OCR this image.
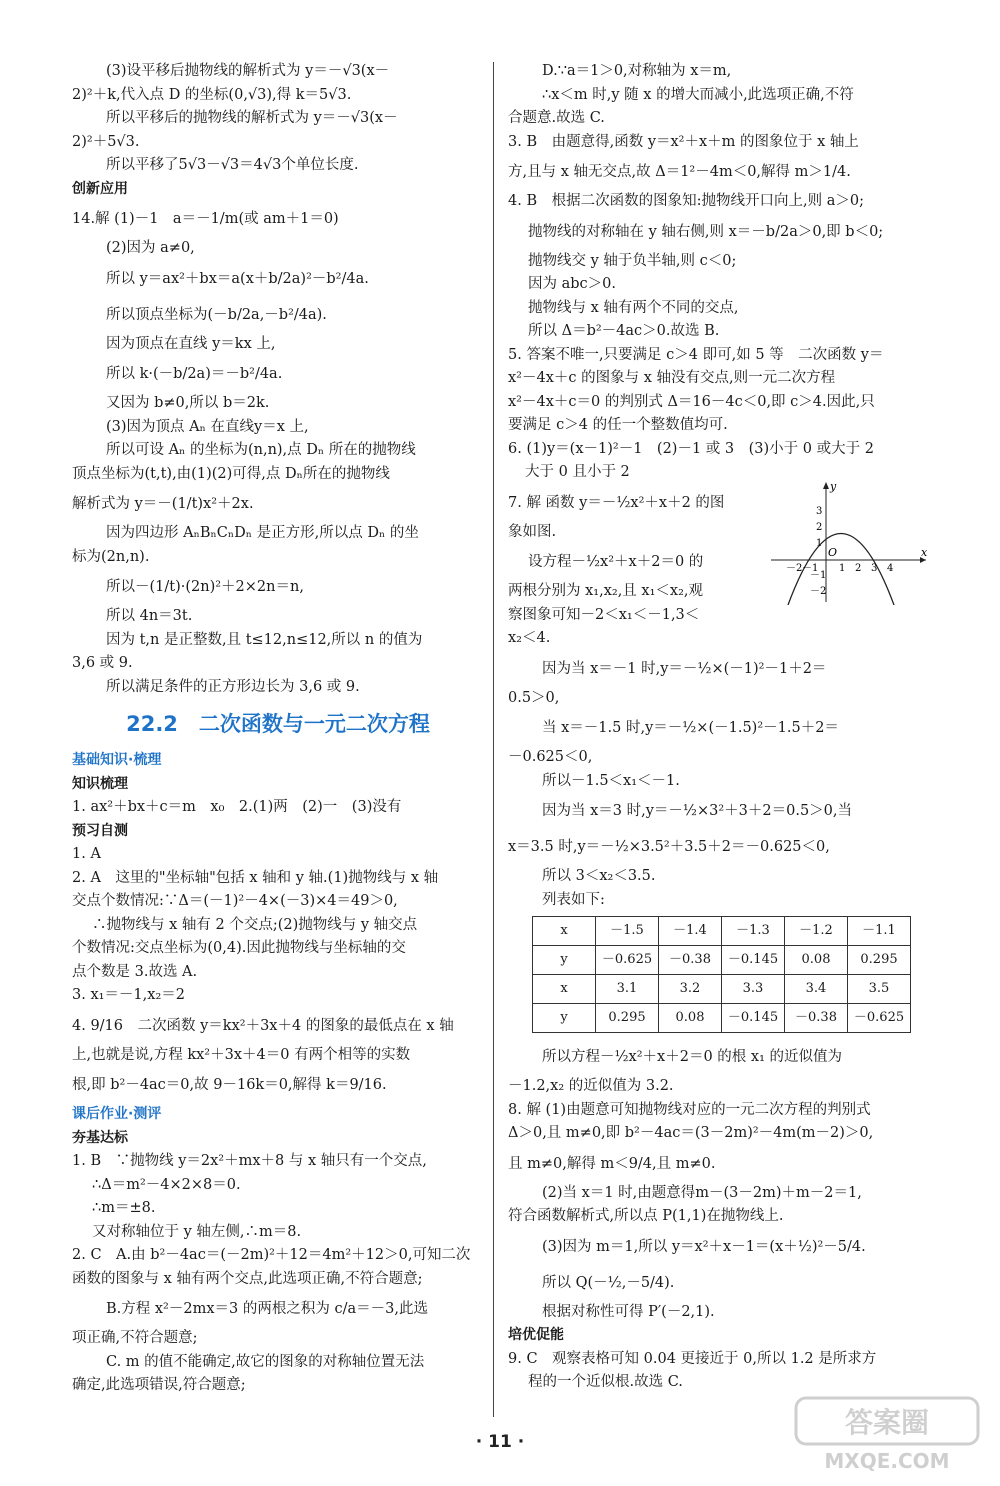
(3)设平移后抛物线的解析式为 y＝－√3(x－
2)²＋k,代入点 D 的坐标(0,√3),得 k＝5√3.
所以平移后的抛物线的解析式为 y＝－√3(x－
2)²＋5√3.
所以平移了5√3－√3＝4√3个单位长度.
创新应用
14.解 (1)－1　a＝－1/m(或 am＋1＝0)
(2)因为 a≠0,
所以 y＝ax²＋bx＝a(x＋b/2a)²－b²/4a.
所以顶点坐标为(－b/2a,－b²/4a).
因为顶点在直线 y＝kx 上,
所以 k·(－b/2a)＝－b²/4a.
又因为 b≠0,所以 b＝2k.
(3)因为顶点 Aₙ 在直线y＝x 上,
所以可设 Aₙ 的坐标为(n,n),点 Dₙ 所在的抛物线
顶点坐标为(t,t),由(1)(2)可得,点 Dₙ所在的抛物线
解析式为 y＝－(1/t)x²＋2x.
因为四边形 AₙBₙCₙDₙ 是正方形,所以点 Dₙ 的坐
标为(2n,n).
所以－(1/t)·(2n)²＋2×2n＝n,
所以 4n＝3t.
因为 t,n 是正整数,且 t≤12,n≤12,所以 n 的值为
3,6 或 9.
所以满足条件的正方形边长为 3,6 或 9.
22.2　二次函数与一元二次方程
基础知识·梳理
知识梳理
1. ax²＋bx＋c＝m　x₀　2.(1)两　(2)一　(3)没有
预习自测
1. A
2. A　这里的"坐标轴"包括 x 轴和 y 轴.(1)抛物线与 x 轴
交点个数情况:∵Δ＝(－1)²－4×(－3)×4＝49＞0,
∴抛物线与 x 轴有 2 个交点;(2)抛物线与 y 轴交点
个数情况:交点坐标为(0,4).因此抛物线与坐标轴的交
点个数是 3.故选 A.
3. x₁＝－1,x₂＝2
4. 9/16　二次函数 y＝kx²＋3x＋4 的图象的最低点在 x 轴
上,也就是说,方程 kx²＋3x＋4＝0 有两个相等的实数
根,即 b²－4ac＝0,故 9－16k＝0,解得 k＝9/16.
课后作业·测评
夯基达标
1. B　∵抛物线 y＝2x²＋mx＋8 与 x 轴只有一个交点,
∴Δ＝m²－4×2×8＝0.
∴m＝±8.
又对称轴位于 y 轴左侧,∴m＝8.
2. C　A.由 b²－4ac＝(－2m)²＋12＝4m²＋12＞0,可知二次
函数的图象与 x 轴有两个交点,此选项正确,不符合题意;
B.方程 x²－2mx＝3 的两根之积为 c/a＝－3,此选
项正确,不符合题意;
C. m 的值不能确定,故它的图象的对称轴位置无法
确定,此选项错误,符合题意;
D.∵a＝1＞0,对称轴为 x＝m,
∴x＜m 时,y 随 x 的增大而减小,此选项正确,不符
合题意.故选 C.
3. B　由题意得,函数 y＝x²＋x＋m 的图象位于 x 轴上
方,且与 x 轴无交点,故 Δ＝1²－4m＜0,解得 m＞1/4.
4. B　根据二次函数的图象知:抛物线开口向上,则 a＞0;
抛物线的对称轴在 y 轴右侧,则 x＝－b/2a＞0,即 b＜0;
抛物线交 y 轴于负半轴,则 c＜0;
因为 abc＞0.
抛物线与 x 轴有两个不同的交点,
所以 Δ＝b²－4ac＞0.故选 B.
5. 答案不唯一,只要满足 c＞4 即可,如 5 等　二次函数 y＝
x²－4x＋c 的图象与 x 轴没有交点,则一元二次方程
x²－4x＋c＝0 的判别式 Δ＝16－4c＜0,即 c＞4.因此,只
要满足 c＞4 的任一个整数值均可.
6. (1)y＝(x－1)²－1　(2)－1 或 3　(3)小于 0 或大于 2
大于 0 且小于 2
7. 解 函数 y＝－½x²＋x＋2 的图
象如图.
设方程－½x²＋x＋2＝0 的
两根分别为 x₁,x₂,且 x₁＜x₂,观
察图象可知－2＜x₁＜－1,3＜
x₂＜4.
因为当 x＝－1 时,y＝－½×(－1)²－1＋2＝
0.5＞0,
当 x＝－1.5 时,y＝－½×(－1.5)²－1.5＋2＝
－0.625＜0,
所以－1.5＜x₁＜－1.
因为当 x＝3 时,y＝－½×3²＋3＋2＝0.5＞0,当
x＝3.5 时,y＝－½×3.5²＋3.5＋2＝－0.625＜0,
所以 3＜x₂＜3.5.
列表如下:
x	－1.5	－1.4	－1.3	－1.2	－1.1
y	－0.625	－0.38	－0.145	0.08	0.295
x	3.1	3.2	3.3	3.4	3.5
y	0.295	0.08	－0.145	－0.38	－0.625
所以方程－½x²＋x＋2＝0 的根 x₁ 的近似值为
－1.2,x₂ 的近似值为 3.2.
8. 解 (1)由题意可知抛物线对应的一元二次方程的判别式
Δ＞0,且 m≠0,即 b²－4ac＝(3－2m)²－4m(m－2)＞0,
且 m≠0,解得 m＜9/4,且 m≠0.
(2)当 x＝1 时,由题意得m－(3－2m)＋m－2＝1,
符合函数解析式,所以点 P(1,1)在抛物线上.
(3)因为 m＝1,所以 y＝x²＋x－1＝(x＋½)²－5/4.
所以 Q(－½,－5/4).
根据对称性可得 P′(－2,1).
培优促能
9. C　观察表格可知 0.04 更接近于 0,所以 1.2 是所求方
程的一个近似根.故选 C.
y
x
O
3
2
1
－1
－2
－2 －1 1 2 3 4
· 11 ·
答案圈
MXQE.COM
